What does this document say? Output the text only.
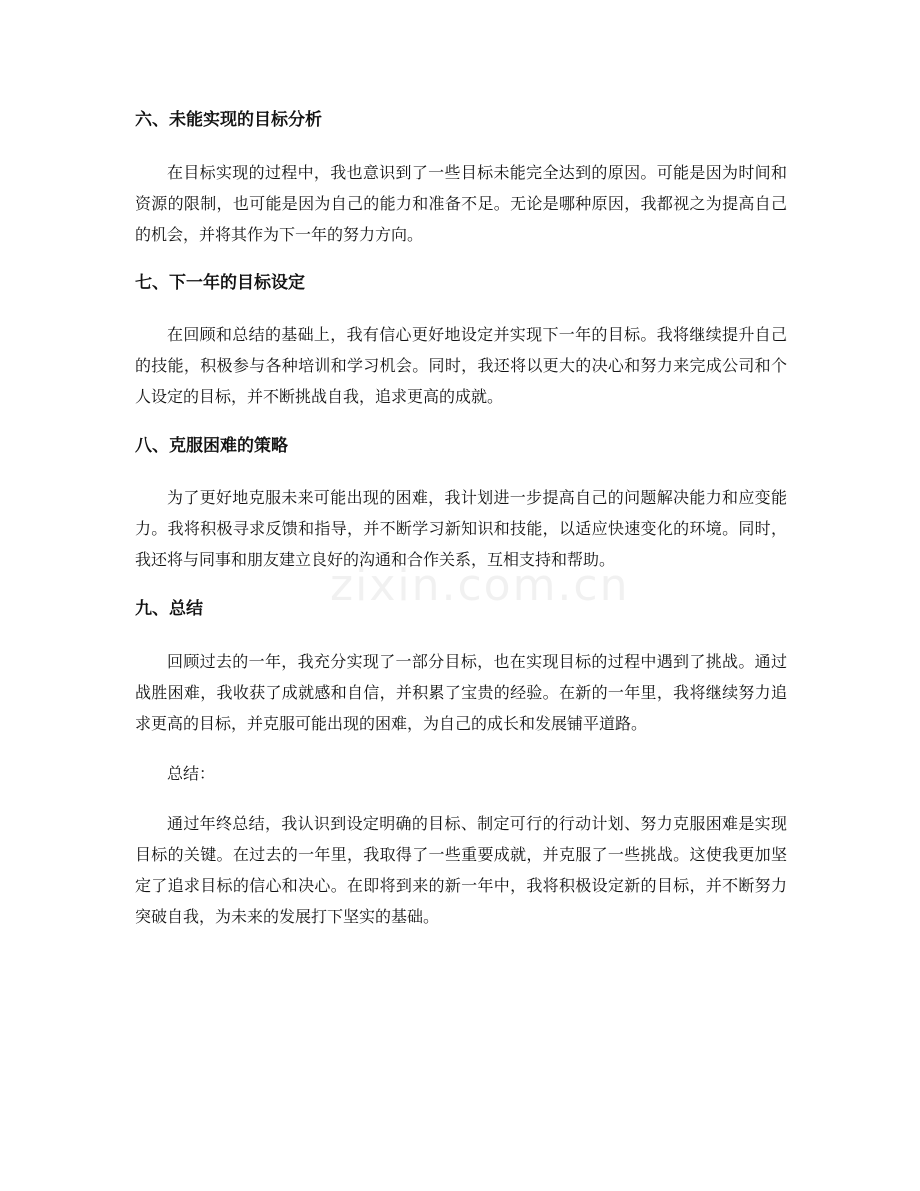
zixin.com.cn
六、未能实现的目标分析

在目标实现的过程中，我也意识到了一些目标未能完全达到的原因。可能是因为时间和资源的限制，也可能是因为自己的能力和准备不足。无论是哪种原因，我都视之为提高自己的机会，并将其作为下一年的努力方向。

七、下一年的目标设定

在回顾和总结的基础上，我有信心更好地设定并实现下一年的目标。我将继续提升自己的技能，积极参与各种培训和学习机会。同时，我还将以更大的决心和努力来完成公司和个人设定的目标，并不断挑战自我，追求更高的成就。

八、克服困难的策略

为了更好地克服未来可能出现的困难，我计划进一步提高自己的问题解决能力和应变能力。我将积极寻求反馈和指导，并不断学习新知识和技能，以适应快速变化的环境。同时，我还将与同事和朋友建立良好的沟通和合作关系，互相支持和帮助。

九、总结

回顾过去的一年，我充分实现了一部分目标，也在实现目标的过程中遇到了挑战。通过战胜困难，我收获了成就感和自信，并积累了宝贵的经验。在新的一年里，我将继续努力追求更高的目标，并克服可能出现的困难，为自己的成长和发展铺平道路。

总结：

通过年终总结，我认识到设定明确的目标、制定可行的行动计划、努力克服困难是实现目标的关键。在过去的一年里，我取得了一些重要成就，并克服了一些挑战。这使我更加坚定了追求目标的信心和决心。在即将到来的新一年中，我将积极设定新的目标，并不断努力突破自我，为未来的发展打下坚实的基础。
